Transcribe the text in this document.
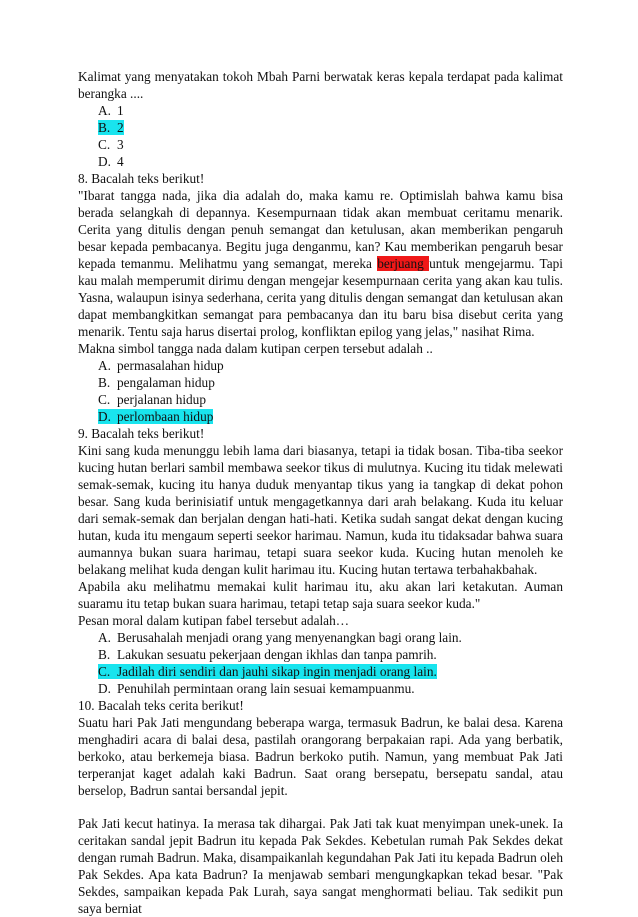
Kalimat yang menyatakan tokoh Mbah Parni berwatak keras kepala terdapat pada kalimat berangka ....

A. 1
B. 2
C. 3
D. 4

8. Bacalah teks berikut!

"Ibarat tangga nada, jika dia adalah do, maka kamu re. Optimislah bahwa kamu bisa berada selangkah di depannya. Kesempurnaan tidak akan membuat ceritamu menarik. Cerita yang ditulis dengan penuh semangat dan ketulusan, akan memberikan pengaruh besar kepada pembacanya. Begitu juga denganmu, kan? Kau memberikan pengaruh besar kepada temanmu. Melihatmu yang semangat, mereka berjuang untuk mengejarmu. Tapi kau malah memperumit dirimu dengan mengejar kesempurnaan cerita yang akan kau tulis. Yasna, walaupun isinya sederhana, cerita yang ditulis dengan semangat dan ketulusan akan dapat membangkitkan semangat para pembacanya dan itu baru bisa disebut cerita yang menarik. Tentu saja harus disertai prolog, konfliktan epilog yang jelas," nasihat Rima.

Makna simbol tangga nada dalam kutipan cerpen tersebut adalah ..

A. permasalahan hidup
B. pengalaman hidup
C. perjalanan hidup
D. perlombaan hidup

9. Bacalah teks berikut!

Kini sang kuda menunggu lebih lama dari biasanya, tetapi ia tidak bosan. Tiba-tiba seekor kucing hutan berlari sambil membawa seekor tikus di mulutnya. Kucing itu tidak melewati semak-semak, kucing itu hanya duduk menyantap tikus yang ia tangkap di dekat pohon besar. Sang kuda berinisiatif untuk mengagetkannya dari arah belakang. Kuda itu keluar dari semak-semak dan berjalan dengan hati-hati. Ketika sudah sangat dekat dengan kucing hutan, kuda itu mengaum seperti seekor harimau. Namun, kuda itu tidaksadar bahwa suara aumannya bukan suara harimau, tetapi suara seekor kuda. Kucing hutan menoleh ke belakang melihat kuda dengan kulit harimau itu. Kucing hutan tertawa terbahakbahak.

Apabila aku melihatmu memakai kulit harimau itu, aku akan lari ketakutan. Auman suaramu itu tetap bukan suara harimau, tetapi tetap saja suara seekor kuda."

Pesan moral dalam kutipan fabel tersebut adalah…

A. Berusahalah menjadi orang yang menyenangkan bagi orang lain.
B. Lakukan sesuatu pekerjaan dengan ikhlas dan tanpa pamrih.
C. Jadilah diri sendiri dan jauhi sikap ingin menjadi orang lain.
D. Penuhilah permintaan orang lain sesuai kemampuanmu.

10. Bacalah teks cerita berikut!

Suatu hari Pak Jati mengundang beberapa warga, termasuk Badrun, ke balai desa. Karena menghadiri acara di balai desa, pastilah orangorang berpakaian rapi. Ada yang berbatik, berkoko, atau berkemeja biasa. Badrun berkoko putih. Namun, yang membuat Pak Jati terperanjat kaget adalah kaki Badrun. Saat orang bersepatu, bersepatu sandal, atau berselop, Badrun santai bersandal jepit.

Pak Jati kecut hatinya. Ia merasa tak dihargai. Pak Jati tak kuat menyimpan unek-unek. Ia ceritakan sandal jepit Badrun itu kepada Pak Sekdes. Kebetulan rumah Pak Sekdes dekat dengan rumah Badrun. Maka, disampaikanlah kegundahan Pak Jati itu kepada Badrun oleh Pak Sekdes. Apa kata Badrun? Ia menjawab sembari mengungkapkan tekad besar. "Pak Sekdes, sampaikan kepada Pak Lurah, saya sangat menghormati beliau. Tak sedikit pun saya berniat
